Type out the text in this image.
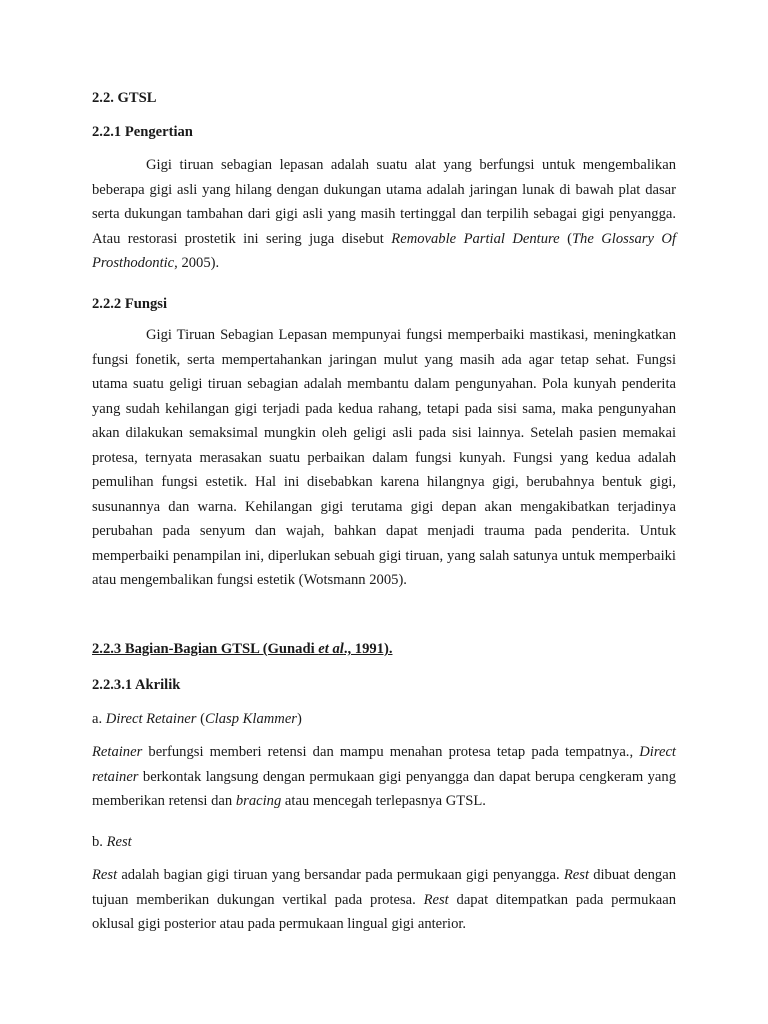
2.2. GTSL
2.2.1 Pengertian

Gigi tiruan sebagian lepasan adalah suatu alat yang berfungsi untuk mengembalikan beberapa gigi asli yang hilang dengan dukungan utama adalah jaringan lunak di bawah plat dasar serta dukungan tambahan dari gigi asli yang masih tertinggal dan terpilih sebagai gigi penyangga. Atau restorasi prostetik ini sering juga disebut Removable Partial Denture (The Glossary Of Prosthodontic, 2005).

2.2.2 Fungsi

Gigi Tiruan Sebagian Lepasan mempunyai fungsi memperbaiki mastikasi, meningkatkan fungsi fonetik, serta mempertahankan jaringan mulut yang masih ada agar tetap sehat. Fungsi utama suatu geligi tiruan sebagian adalah membantu dalam pengunyahan. Pola kunyah penderita yang sudah kehilangan gigi terjadi pada kedua rahang, tetapi pada sisi sama, maka pengunyahan akan dilakukan semaksimal mungkin oleh geligi asli pada sisi lainnya. Setelah pasien memakai protesa, ternyata merasakan suatu perbaikan dalam fungsi kunyah. Fungsi yang kedua adalah pemulihan fungsi estetik. Hal ini disebabkan karena hilangnya gigi, berubahnya bentuk gigi, susunannya dan warna. Kehilangan gigi terutama gigi depan akan mengakibatkan terjadinya perubahan pada senyum dan wajah, bahkan dapat menjadi trauma pada penderita. Untuk memperbaiki penampilan ini, diperlukan sebuah gigi tiruan, yang salah satunya untuk memperbaiki atau mengembalikan fungsi estetik (Wotsmann 2005).

2.2.3 Bagian-Bagian GTSL (Gunadi et al., 1991).
2.2.3.1 Akrilik
a. Direct Retainer (Clasp Klammer)

Retainer berfungsi memberi retensi dan mampu menahan protesa tetap pada tempatnya., Direct retainer berkontak langsung dengan permukaan gigi penyangga dan dapat berupa cengkeram yang memberikan retensi dan bracing atau mencegah terlepasnya GTSL.

b. Rest

Rest adalah bagian gigi tiruan yang bersandar pada permukaan gigi penyangga. Rest dibuat dengan tujuan memberikan dukungan vertikal pada protesa. Rest dapat ditempatkan pada permukaan oklusal gigi posterior atau pada permukaan lingual gigi anterior.
